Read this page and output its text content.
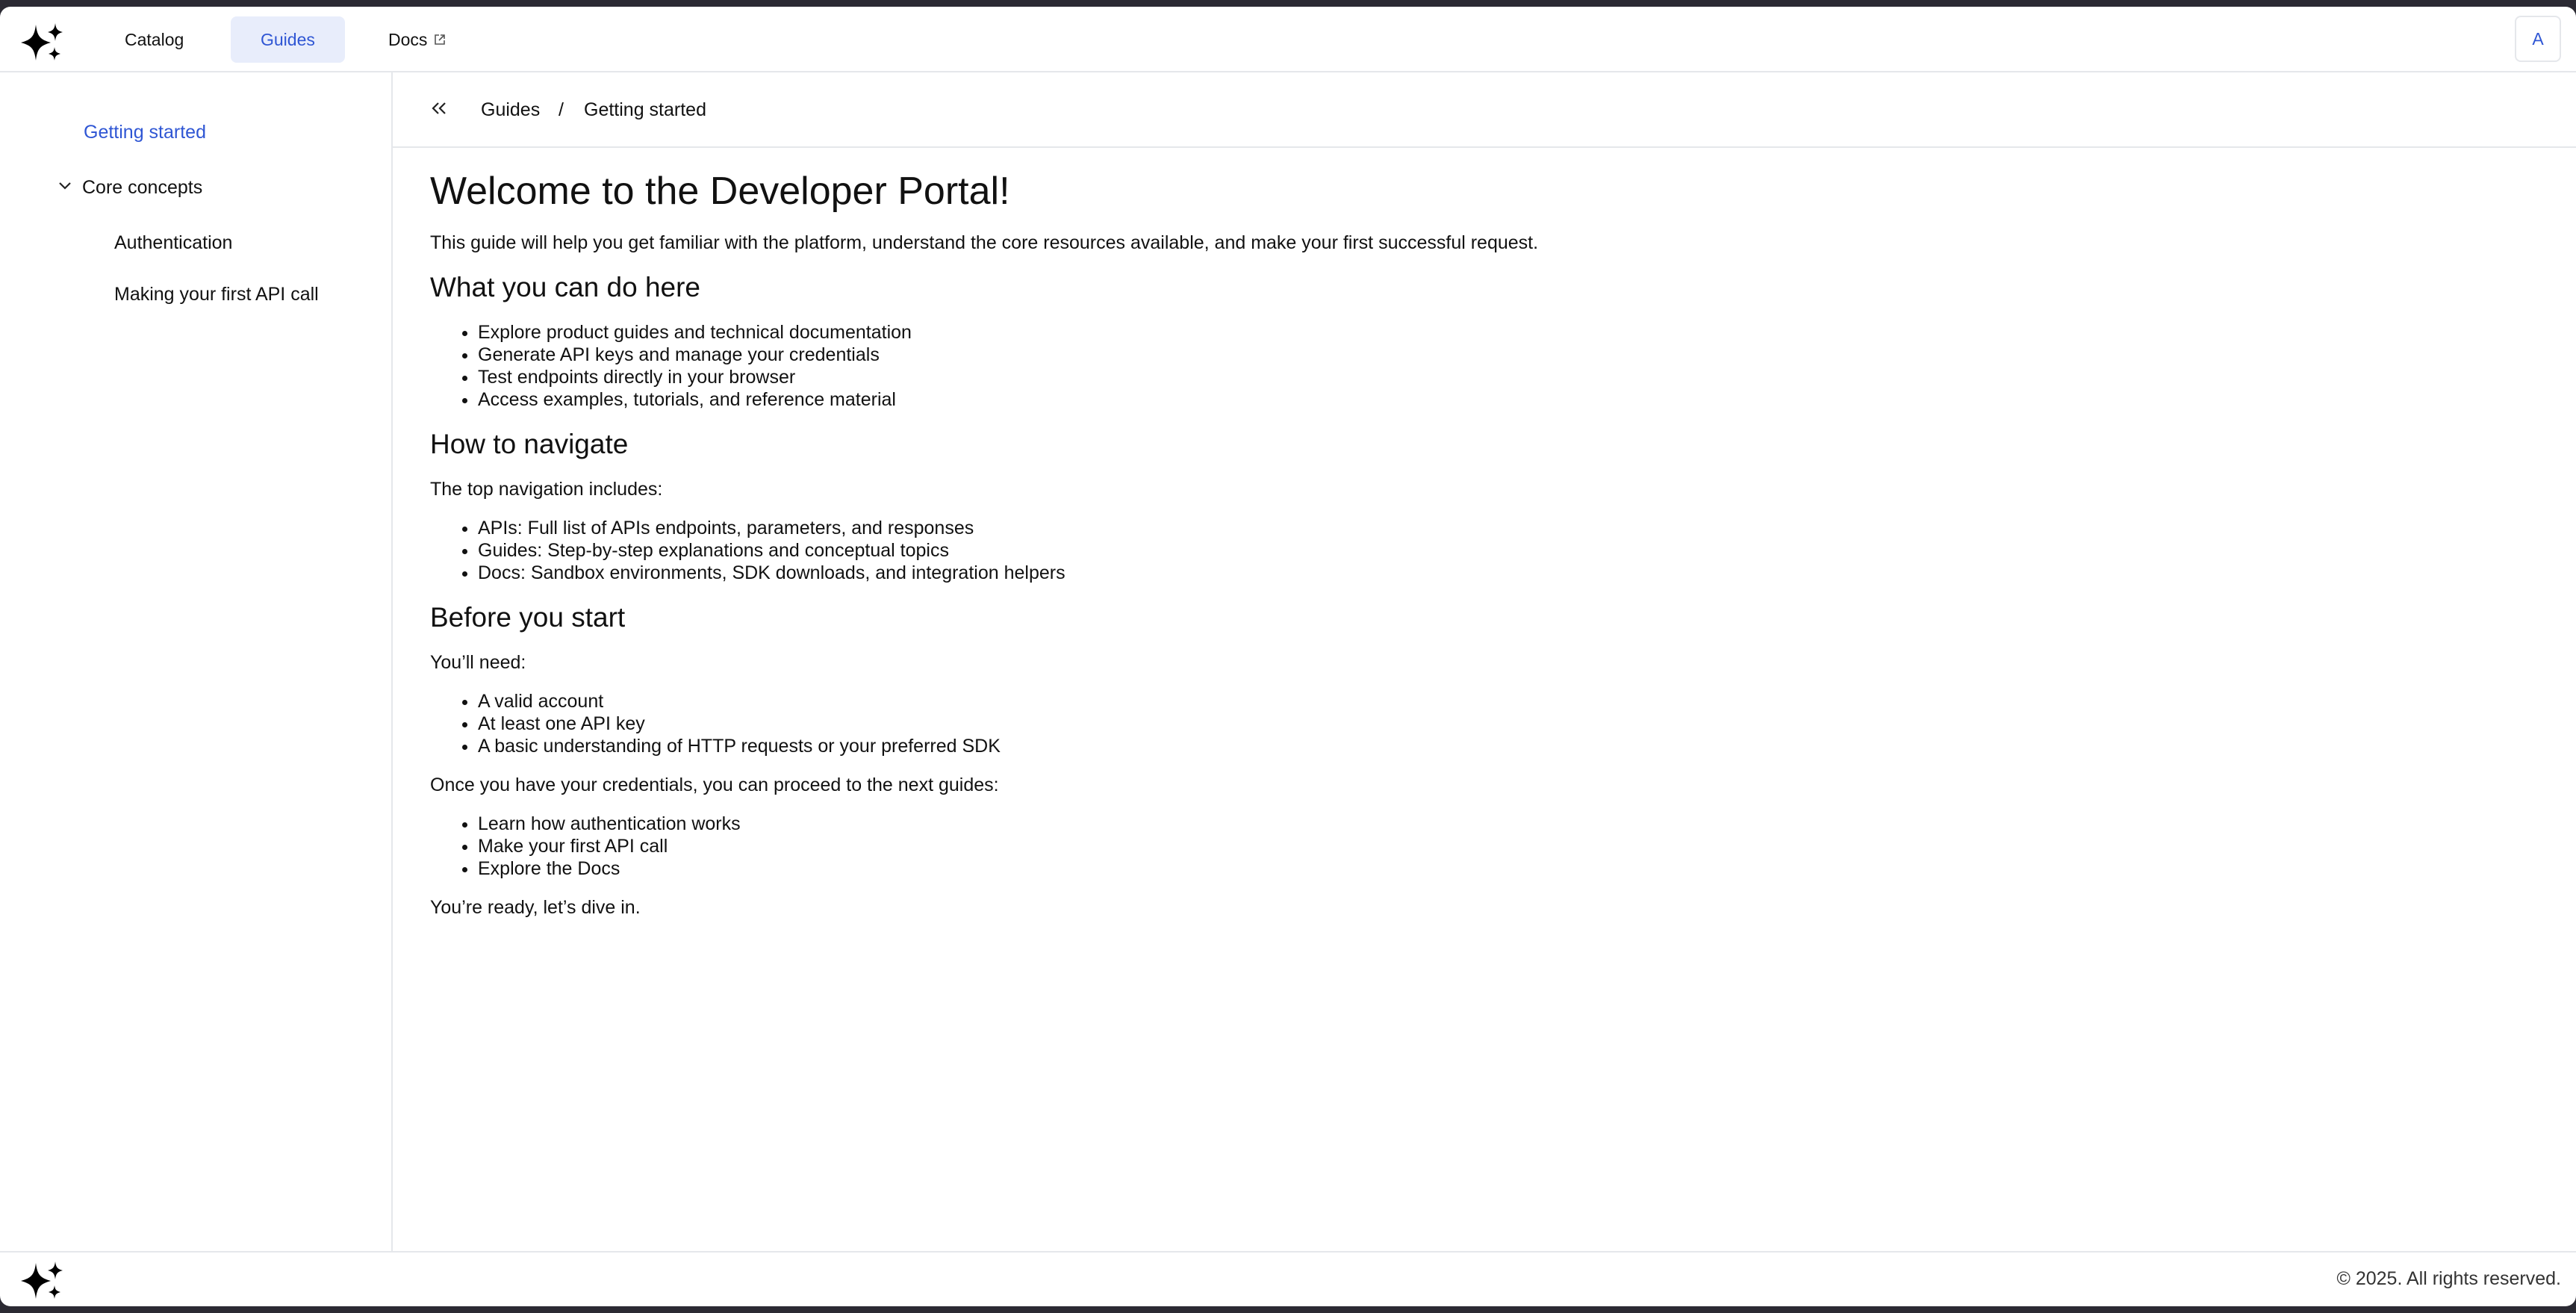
Catalog	Guides	Docs	A
Getting started
Core concepts
Authentication
Making your first API call
Guides / Getting started
Welcome to the Developer Portal!

This guide will help you get familiar with the platform, understand the core resources available, and make your first successful request.

What you can do here
• Explore product guides and technical documentation
• Generate API keys and manage your credentials
• Test endpoints directly in your browser
• Access examples, tutorials, and reference material
How to navigate

The top navigation includes:

• APIs: Full list of APIs endpoints, parameters, and responses
• Guides: Step-by-step explanations and conceptual topics
• Docs: Sandbox environments, SDK downloads, and integration helpers
Before you start

You’ll need:

• A valid account
• At least one API key
• A basic understanding of HTTP requests or your preferred SDK

Once you have your credentials, you can proceed to the next guides:

• Learn how authentication works
• Make your first API call
• Explore the Docs

You’re ready, let’s dive in.

© 2025. All rights reserved.
